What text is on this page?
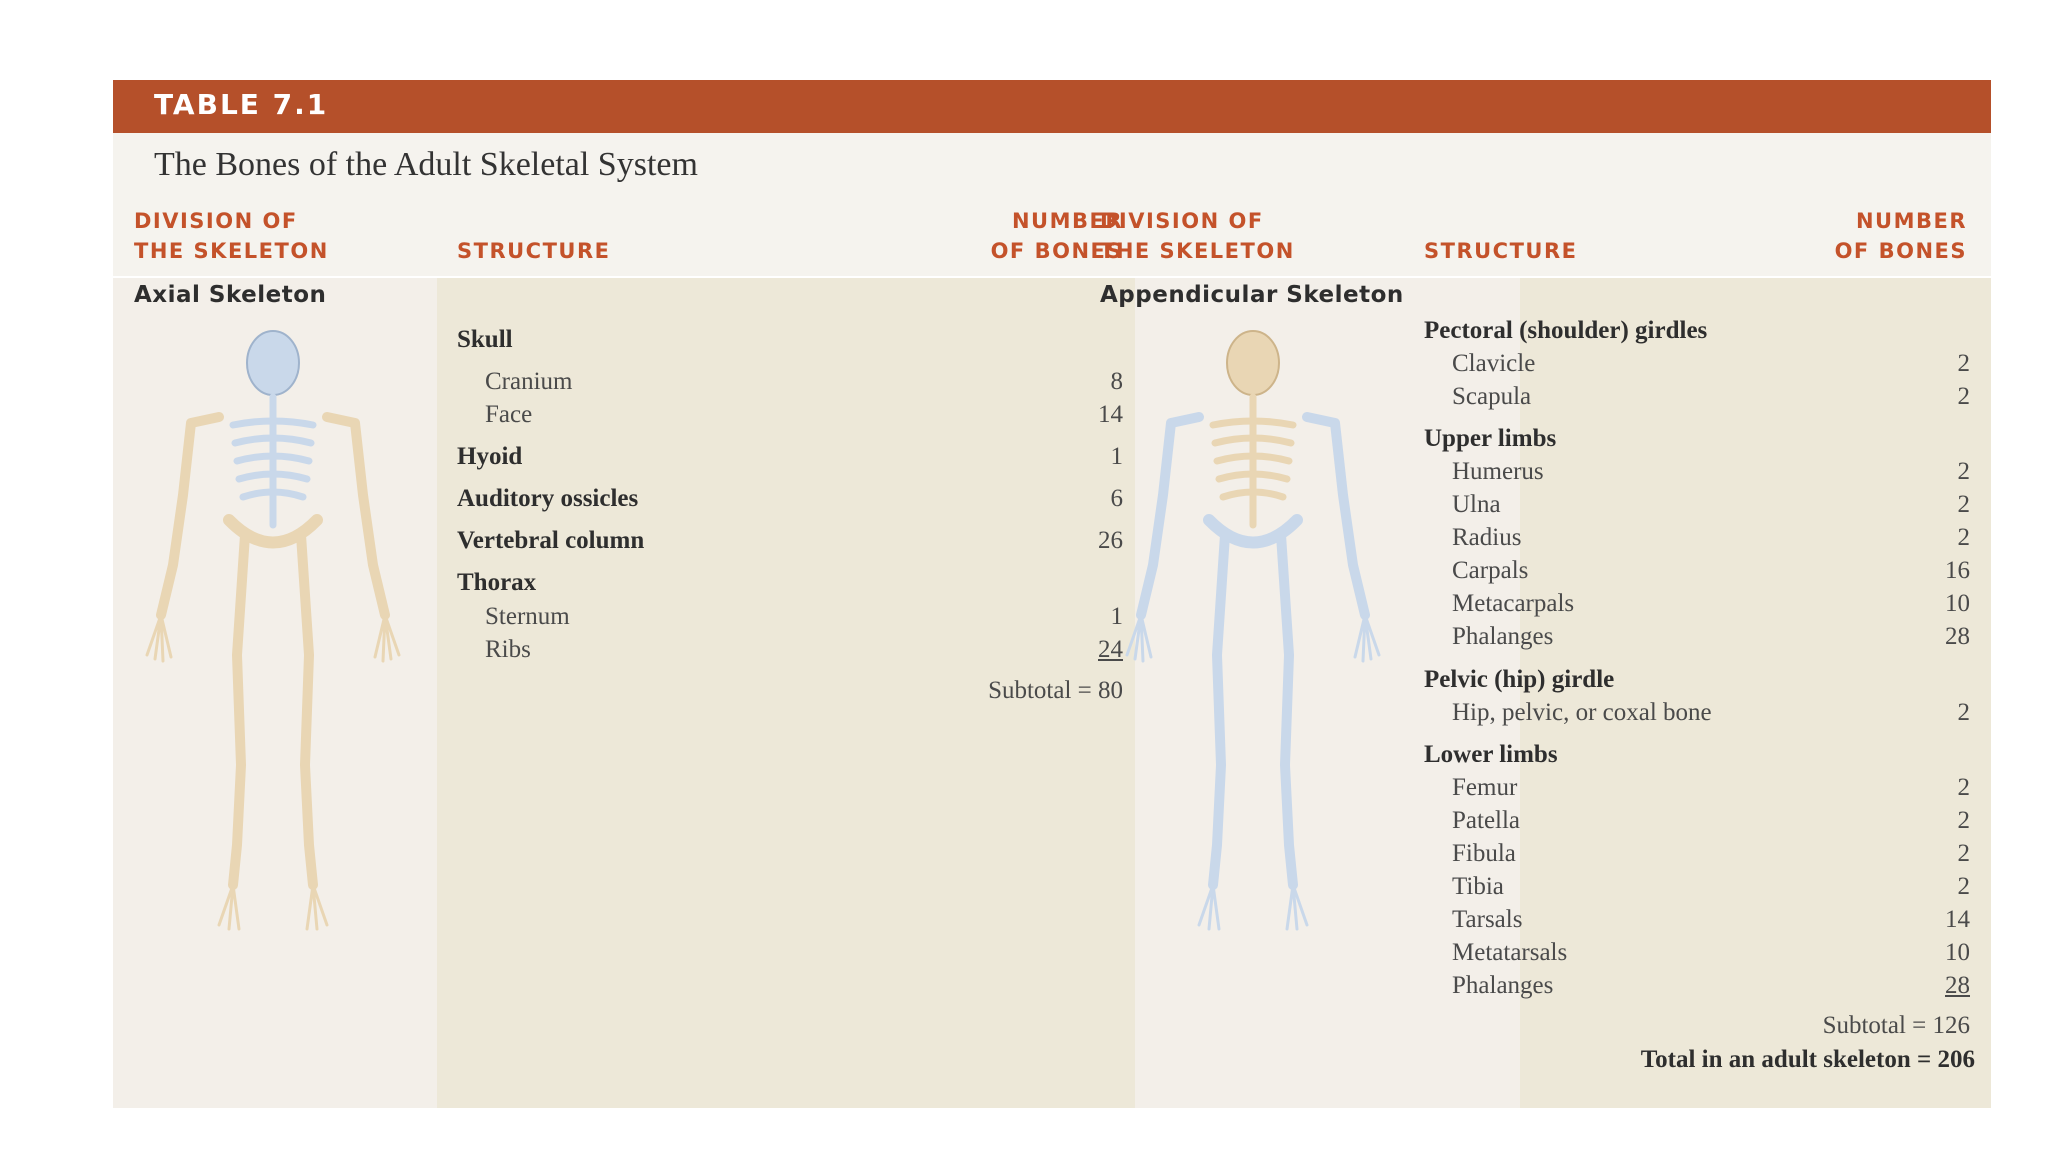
TABLE 7.1
The Bones of the Adult Skeletal System
DIVISION OF
THE SKELETON	STRUCTURE
NUMBER
OF BONES
DIVISION OF
THE SKELETON	STRUCTURE
NUMBER
OF BONES
Axial Skeleton	Appendicular Skeleton
Skull
Cranium	8
Face	14
Hyoid	1
Auditory ossicles	6
Vertebral column	26
Thorax
Sternum	1
Ribs	24
Subtotal = 80
Pectoral (shoulder) girdles
Clavicle	2
Scapula	2
Upper limbs
Humerus	2
Ulna	2
Radius	2
Carpals	16
Metacarpals	10
Phalanges	28
Pelvic (hip) girdle
Hip, pelvic, or coxal bone	2
Lower limbs
Femur	2
Patella	2
Fibula	2
Tibia	2
Tarsals	14
Metatarsals	10
Phalanges	28
Subtotal = 126
Total in an adult skeleton = 206
